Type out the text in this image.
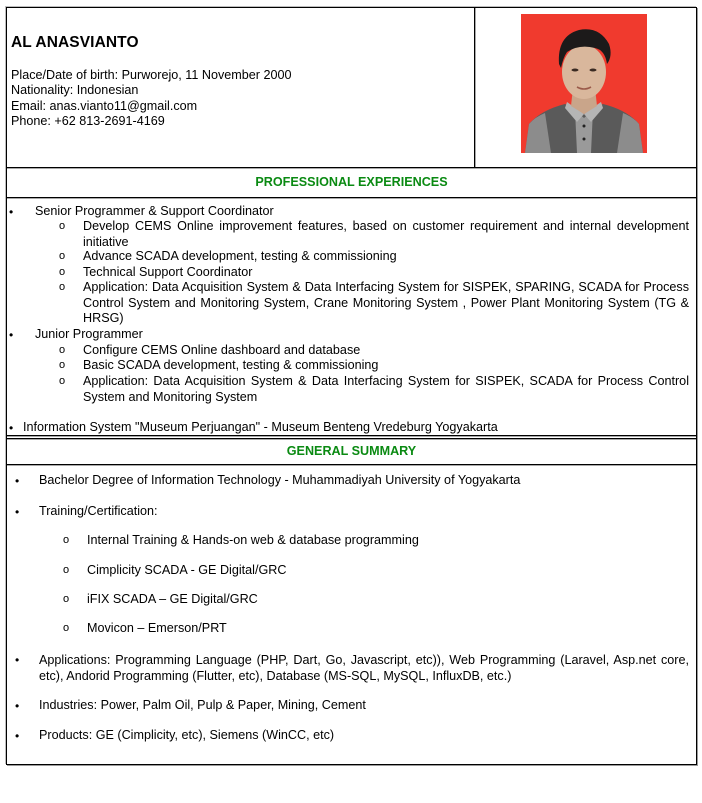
AL ANASVIANTO
Place/Date of birth: Purworejo, 11 November 2000
Nationality: Indonesian
Email: anas.vianto11@gmail.com
Phone: +62 813-2691-4169
PROFESSIONAL EXPERIENCES
• Senior Programmer & Support Coordinator
o Develop CEMS Online improvement features, based on customer requirement and internal development initiative
o Advance SCADA development, testing & commissioning
o Technical Support Coordinator
o Application: Data Acquisition System & Data Interfacing System for SISPEK, SPARING, SCADA for Process Control System and Monitoring System, Crane Monitoring System , Power Plant Monitoring System (TG & HRSG)
• Junior Programmer
o Configure CEMS Online dashboard and database
o Basic SCADA development, testing & commissioning
o Application: Data Acquisition System & Data Interfacing System for SISPEK, SCADA for Process Control System and Monitoring System
• Information System "Museum Perjuangan" - Museum Benteng Vredeburg Yogyakarta
GENERAL SUMMARY
• Bachelor Degree of Information Technology - Muhammadiyah University of Yogyakarta
• Training/Certification:
o Internal Training & Hands-on web & database programming
o Cimplicity SCADA - GE Digital/GRC
o iFIX SCADA – GE Digital/GRC
o Movicon – Emerson/PRT
• Applications: Programming Language (PHP, Dart, Go, Javascript, etc)), Web Programming (Laravel, Asp.net core, etc), Andorid Programming (Flutter, etc), Database (MS-SQL, MySQL, InfluxDB, etc.)
• Industries: Power, Palm Oil, Pulp & Paper, Mining, Cement
• Products: GE (Cimplicity, etc), Siemens (WinCC, etc)
